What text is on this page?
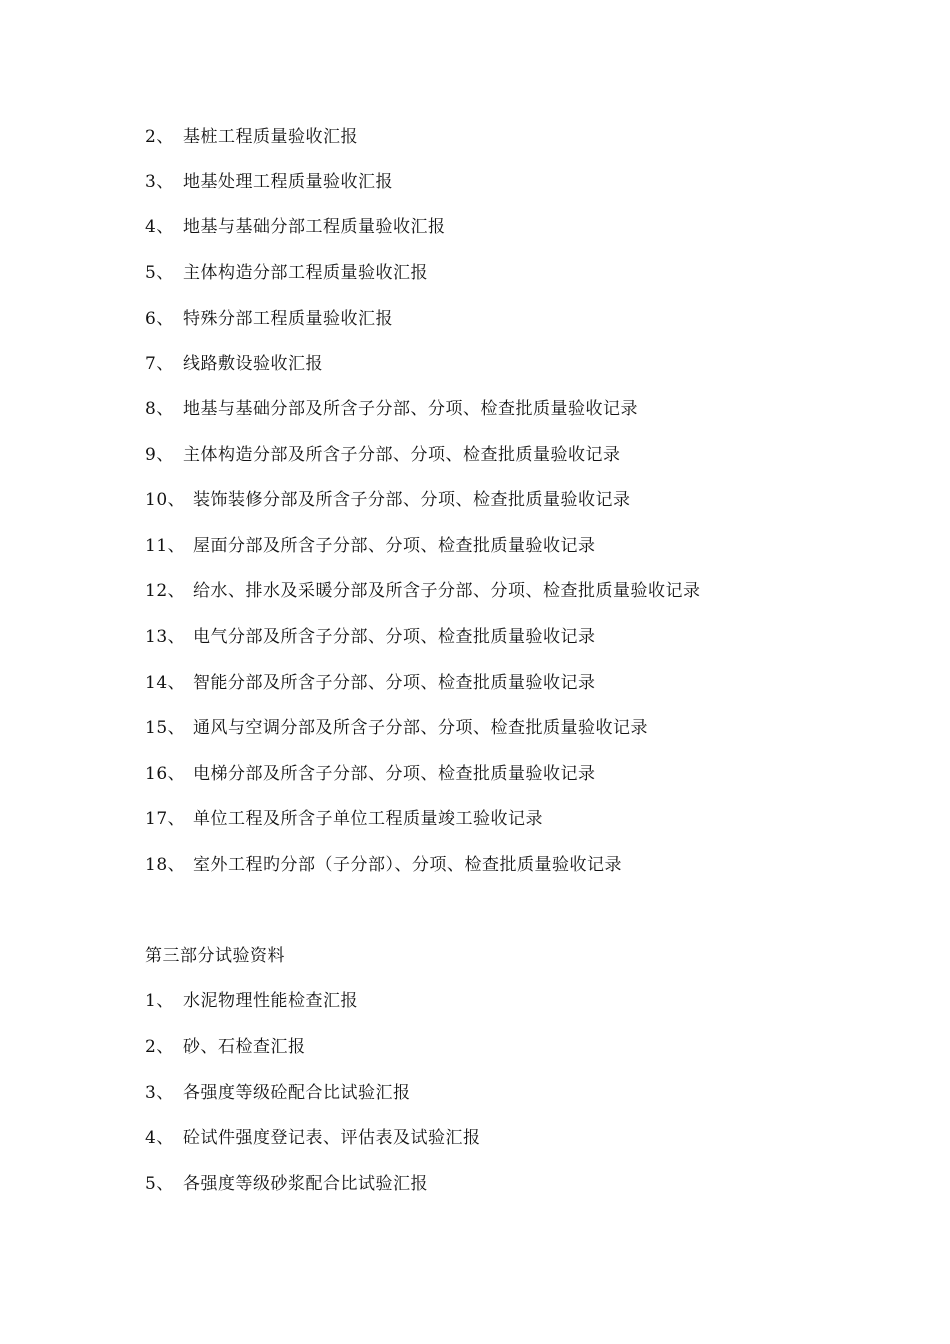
2、 基桩工程质量验收汇报
3、 地基处理工程质量验收汇报
4、 地基与基础分部工程质量验收汇报
5、 主体构造分部工程质量验收汇报
6、 特殊分部工程质量验收汇报
7、 线路敷设验收汇报
8、 地基与基础分部及所含子分部、分项、检查批质量验收记录
9、 主体构造分部及所含子分部、分项、检查批质量验收记录
10、 装饰装修分部及所含子分部、分项、检查批质量验收记录
11、 屋面分部及所含子分部、分项、检查批质量验收记录
12、 给水、排水及采暖分部及所含子分部、分项、检查批质量验收记录
13、 电气分部及所含子分部、分项、检查批质量验收记录
14、 智能分部及所含子分部、分项、检查批质量验收记录
15、 通风与空调分部及所含子分部、分项、检查批质量验收记录
16、 电梯分部及所含子分部、分项、检查批质量验收记录
17、 单位工程及所含子单位工程质量竣工验收记录
18、 室外工程旳分部（子分部）、分项、检查批质量验收记录
第三部分试验资料
1、 水泥物理性能检查汇报
2、 砂、石检查汇报
3、 各强度等级砼配合比试验汇报
4、 砼试件强度登记表、评估表及试验汇报
5、 各强度等级砂浆配合比试验汇报
